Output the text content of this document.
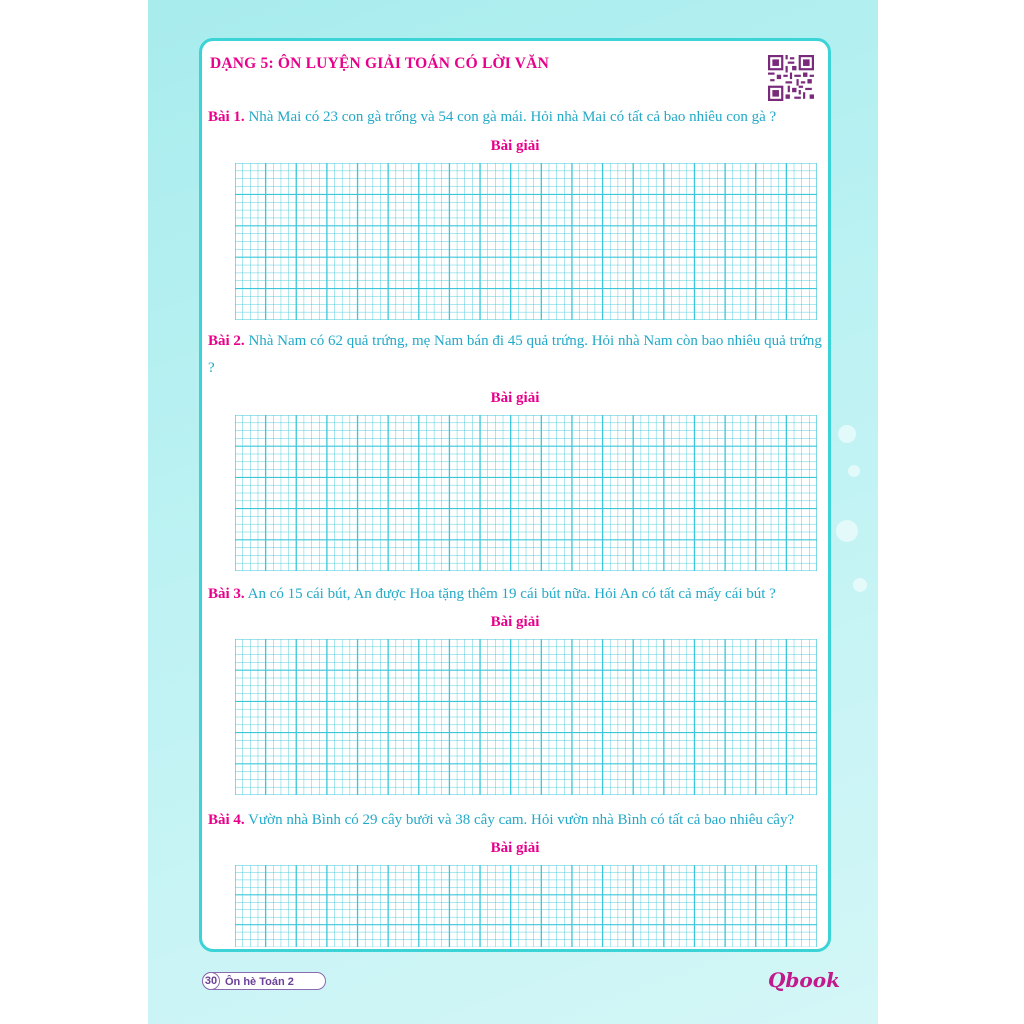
DẠNG 5: ÔN LUYỆN GIẢI TOÁN CÓ LỜI VĂN

Bài 1. Nhà Mai có 23 con gà trống và 54 con gà mái. Hỏi nhà Mai có tất cả bao nhiêu con gà ?

Bài giải

Bài 2. Nhà Nam có 62 quả trứng, mẹ Nam bán đi 45 quả trứng. Hỏi nhà Nam còn bao nhiêu quả trứng ?

Bài giải

Bài 3. An có 15 cái bút, An được Hoa tặng thêm 19 cái bút nữa. Hỏi An có tất cả mấy cái bút ?

Bài giải

Bài 4. Vườn nhà Bình có 29 cây bưởi và 38 cây cam. Hỏi vườn nhà Bình có tất cả bao nhiêu cây?

Bài giải

30 Ôn hè Toán 2	Qbook
